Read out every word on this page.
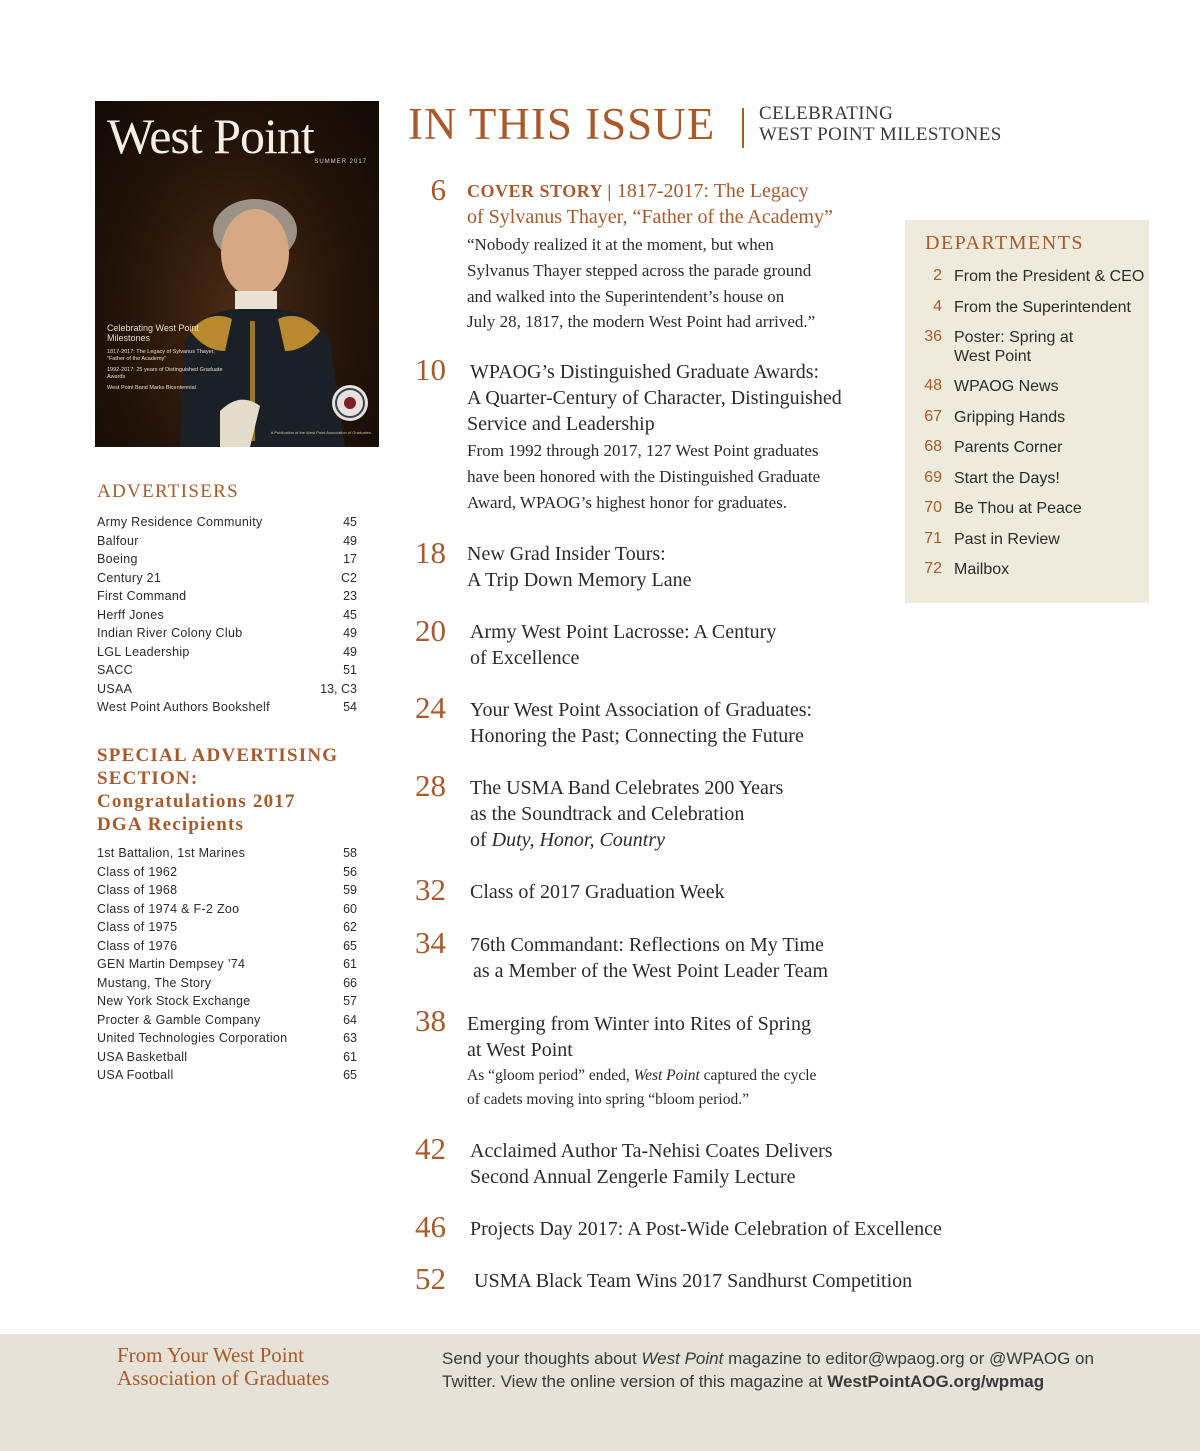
West Point SUMMER 2017

Celebrating West Point Milestones

1817-2017: The Legacy of Sylvanus Thayer, "Father of the Academy"

1992-2017: 25 years of Distinguished Graduate Awards

West Point Band Marks Bicentennial

A Publication of the West Point Association of Graduates
IN THIS ISSUE CELEBRATING
WEST POINT MILESTONES
6 COVER STORY | 1817-2017: The Legacy
of Sylvanus Thayer, “Father of the Academy”
“Nobody realized it at the moment, but when
Sylvanus Thayer stepped across the parade ground
and walked into the Superintendent’s house on
July 28, 1817, the modern West Point had arrived.”
10 WPAOG’s Distinguished Graduate Awards:
A Quarter-Century of Character, Distinguished
Service and Leadership
From 1992 through 2017, 127 West Point graduates
have been honored with the Distinguished Graduate
Award, WPAOG’s highest honor for graduates.
18 New Grad Insider Tours:
A Trip Down Memory Lane
20 Army West Point Lacrosse: A Century
of Excellence
24 Your West Point Association of Graduates:
Honoring the Past; Connecting the Future
28 The USMA Band Celebrates 200 Years
as the Soundtrack and Celebration
of Duty, Honor, Country
32 Class of 2017 Graduation Week
34 76th Commandant: Reflections on My Time
as a Member of the West Point Leader Team
38 Emerging from Winter into Rites of Spring
at West Point
As “gloom period” ended, West Point captured the cycle
of cadets moving into spring “bloom period.”
42 Acclaimed Author Ta-Nehisi Coates Delivers
Second Annual Zengerle Family Lecture
46 Projects Day 2017: A Post-Wide Celebration of Excellence
52 USMA Black Team Wins 2017 Sandhurst Competition
DEPARTMENTS
2 From the President & CEO
4 From the Superintendent
36 Poster: Spring at
West Point
48 WPAOG News
67 Gripping Hands
68 Parents Corner
69 Start the Days!
70 Be Thou at Peace
71 Past in Review
72 Mailbox
ADVERTISERS
Army Residence Community	45
Balfour	49
Boeing	17
Century 21	C2
First Command	23
Herff Jones	45
Indian River Colony Club	49
LGL Leadership	49
SACC	51
USAA	13, C3
West Point Authors Bookshelf	54
SPECIAL ADVERTISING
SECTION:
Congratulations 2017
DGA Recipients
1st Battalion, 1st Marines	58
Class of 1962	56
Class of 1968	59
Class of 1974 & F-2 Zoo	60
Class of 1975	62
Class of 1976	65
GEN Martin Dempsey ’74	61
Mustang, The Story	66
New York Stock Exchange	57
Procter & Gamble Company	64
United Technologies Corporation	63
USA Basketball	61
USA Football	65
From Your West Point
Association of Graduates
Send your thoughts about West Point magazine to editor@wpaog.org or @WPAOG on
Twitter. View the online version of this magazine at WestPointAOG.org/wpmag
